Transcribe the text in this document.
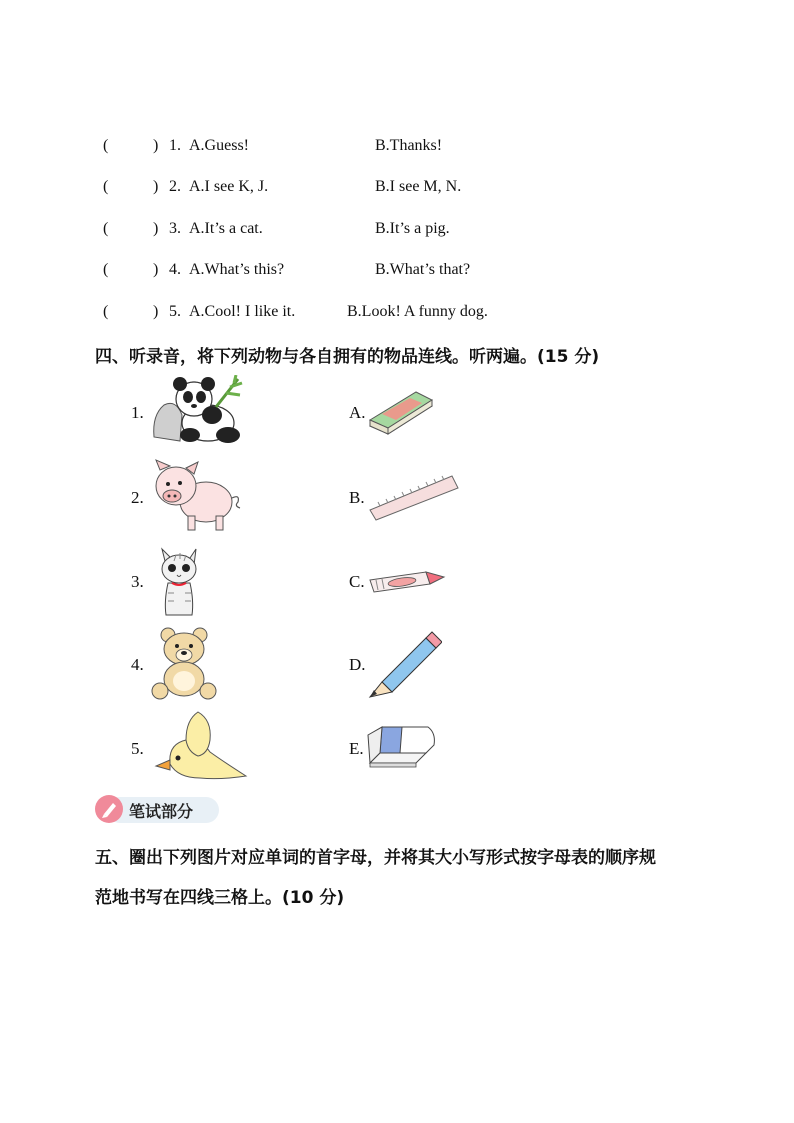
(	) 1. A.Guess!	B.Thanks!
(	) 2. A.I see K, J.	B.I see M, N.
(	) 3. A.It’s a cat.	B.It’s a pig.
(	) 4. A.What’s this?	B.What’s that?
(	) 5. A.Cool! I like it.	B.Look! A funny dog.
四、听录音，将下列动物与各自拥有的物品连线。听两遍。(15 分)
1.	A.
2.	B.
3.	C.
4.	D.
5.	E.
笔试部分
五、圈出下列图片对应单词的首字母，并将其大小写形式按字母表的顺序规
范地书写在四线三格上。(10 分)
